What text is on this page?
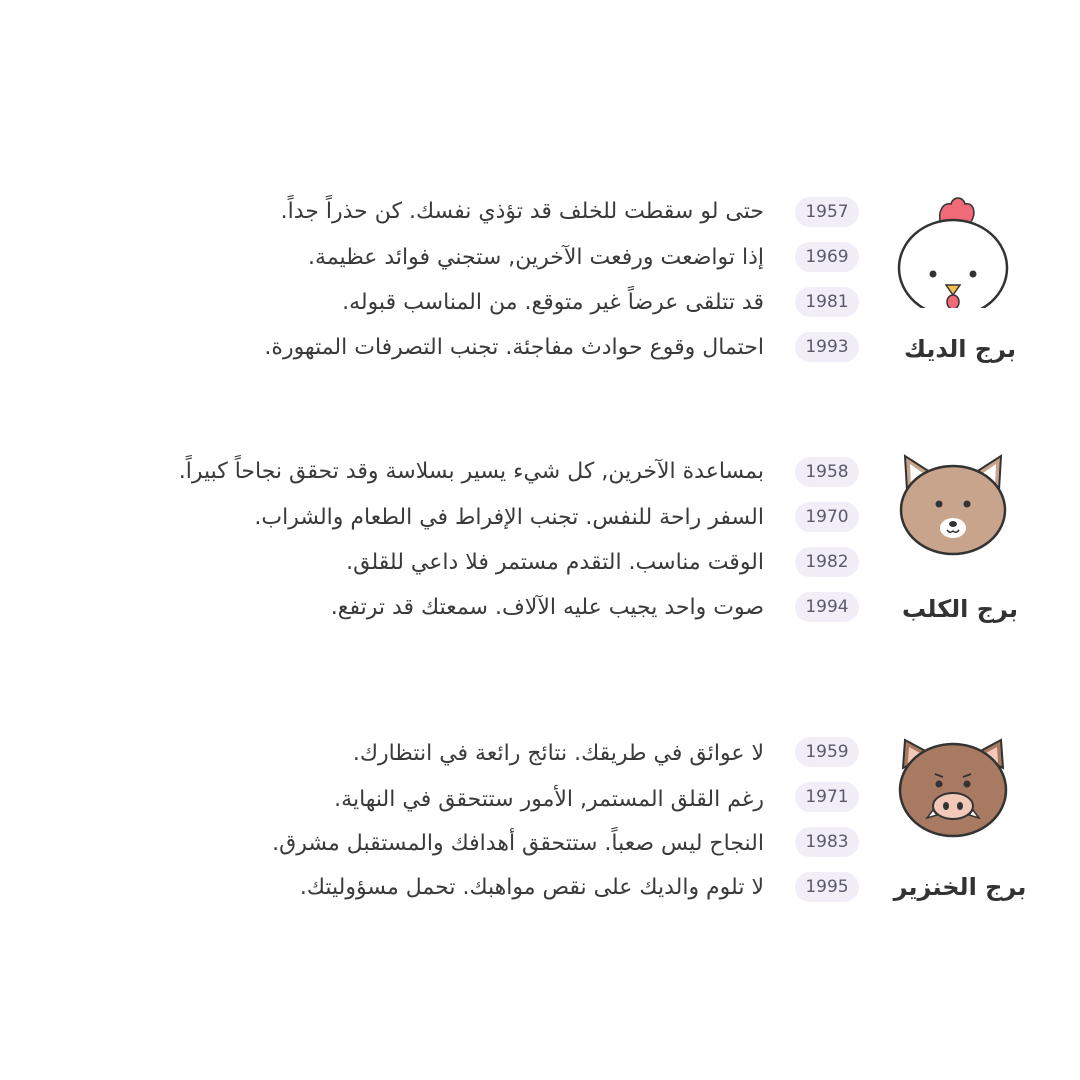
برج الديك
1957
حتى لو سقطت للخلف قد تؤذي نفسك. كن حذراً جداً.
1969
إذا تواضعت ورفعت الآخرين, ستجني فوائد عظيمة.
1981
قد تتلقى عرضاً غير متوقع. من المناسب قبوله.
1993
احتمال وقوع حوادث مفاجئة. تجنب التصرفات المتهورة.
برج الكلب
1958
بمساعدة الآخرين, كل شيء يسير بسلاسة وقد تحقق نجاحاً كبيراً.
1970
السفر راحة للنفس. تجنب الإفراط في الطعام والشراب.
1982
الوقت مناسب. التقدم مستمر فلا داعي للقلق.
1994
صوت واحد يجيب عليه الآلاف. سمعتك قد ترتفع.
برج الخنزير
1959
لا عوائق في طريقك. نتائج رائعة في انتظارك.
1971
رغم القلق المستمر, الأمور ستتحقق في النهاية.
1983
النجاح ليس صعباً. ستتحقق أهدافك والمستقبل مشرق.
1995
لا تلوم والديك على نقص مواهبك. تحمل مسؤوليتك.
